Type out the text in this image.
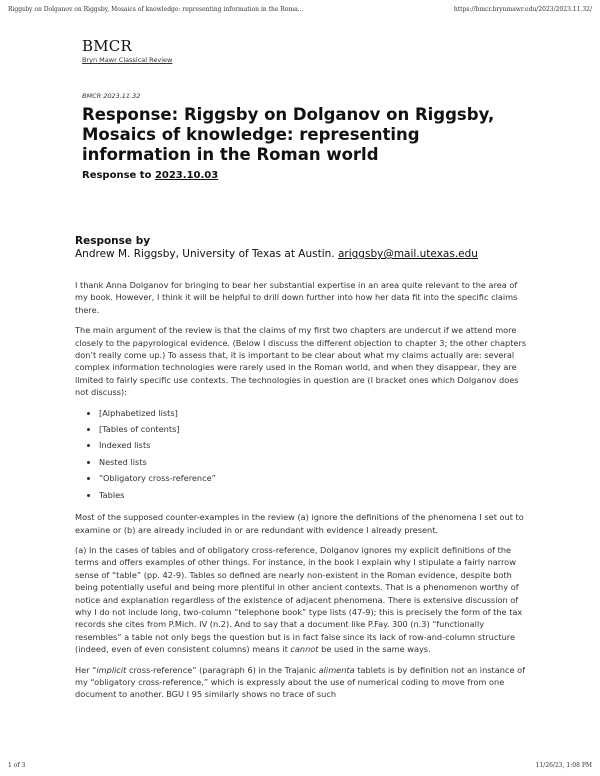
Riggsby on Dolganov on Riggsby, Mosaics of knowledge: representing information in the Roma...	https://bmcr.brynmawr.edu/2023/2023.11.32/
BMCR
Bryn Mawr Classical Review
BMCR 2023.11.32
Response: Riggsby on Dolganov on Riggsby, Mosaics of knowledge: representing information in the Roman world
Response to 2023.10.03
Response by
Andrew M. Riggsby, University of Texas at Austin. ariggsby@mail.utexas.edu

I thank Anna Dolganov for bringing to bear her substantial expertise in an area quite relevant to the area of my book. However, I think it will be helpful to drill down further into how her data fit into the specific claims there.

The main argument of the review is that the claims of my first two chapters are undercut if we attend more closely to the papyrological evidence. (Below I discuss the different objection to chapter 3; the other chapters don’t really come up.) To assess that, it is important to be clear about what my claims actually are: several complex information technologies were rarely used in the Roman world, and when they disappear, they are limited to fairly specific use contexts. The technologies in question are (I bracket ones which Dolganov does not discuss):

• [Alphabetized lists]
• [Tables of contents]
• Indexed lists
• Nested lists
• “Obligatory cross-reference”
• Tables

Most of the supposed counter-examples in the review (a) ignore the definitions of the phenomena I set out to examine or (b) are already included in or are redundant with evidence I already present.

(a) In the cases of tables and of obligatory cross-reference, Dolganov ignores my explicit definitions of the terms and offers examples of other things. For instance, in the book I explain why I stipulate a fairly narrow sense of “table” (pp. 42-9). Tables so defined are nearly non-existent in the Roman evidence, despite both being potentially useful and being more plentiful in other ancient contexts. That is a phenomenon worthy of notice and explanation regardless of the existence of adjacent phenomena. There is extensive discussion of why I do not include long, two-column “telephone book” type lists (47-9); this is precisely the form of the tax records she cites from P.Mich. IV (n.2). And to say that a document like P.Fay. 300 (n.3) “functionally resembles” a table not only begs the question but is in fact false since its lack of row-and-column structure (indeed, even of even consistent columns) means it cannot be used in the same ways.

Her “implicit cross-reference” (paragraph 6) in the Trajanic alimenta tablets is by definition not an instance of my “obligatory cross-reference,” which is expressly about the use of numerical coding to move from one document to another. BGU I 95 similarly shows no trace of such

1 of 3	11/26/23, 1:08 PM
